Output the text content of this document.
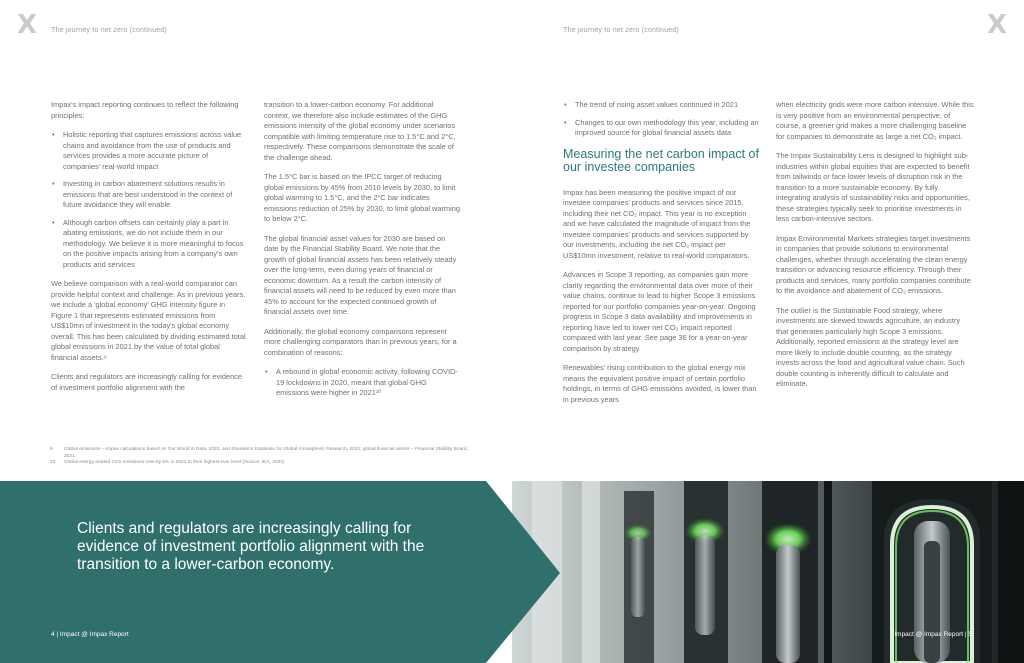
X The journey to net zero (continued)

Impax's impact reporting continues to reflect the following principles:

• Holistic reporting that captures emissions across value chains and avoidance from the use of products and services provides a more accurate picture of companies' real-world impact
• Investing in carbon abatement solutions results in emissions that are best understood in the context of future avoidance they will enable
• Although carbon offsets can certainly play a part in abating emissions, we do not include them in our methodology. We believe it is more meaningful to focus on the positive impacts arising from a company's own products and services

We believe comparison with a real-world comparator can provide helpful context and challenge. As in previous years, we include a 'global economy' GHG intensity figure in Figure 1 that represents estimated emissions from US$10mn of investment in the today's global economy overall. This has been calculated by dividing estimated total global emissions in 2021 by the value of total global financial assets.⁹

Clients and regulators are increasingly calling for evidence of investment portfolio alignment with the

transition to a lower-carbon economy. For additional context, we therefore also include estimates of the GHG emissions intensity of the global economy under scenarios compatible with limiting temperature rise to 1.5°C and 2°C, respectively. These comparisons demonstrate the scale of the challenge ahead.

The 1.5°C bar is based on the IPCC target of reducing global emissions by 45% from 2010 levels by 2030, to limit global warming to 1.5°C, and the 2°C bar indicates emissions reduction of 25% by 2030, to limit global warming to below 2°C.

The global financial asset values for 2030 are based on date by the Financial Stability Board. We note that the growth of global financial assets has been relatively steady over the long-term, even during years of financial or economic downturn. As a result the carbon intensity of financial assets will need to be reduced by even more than 45% to account for the expected continued growth of financial assets over time.

Additionally, the global economy comparisons represent more challenging comparators than in previous years, for a combination of reasons:

• A rebound in global economic activity, following COVID-19 lockdowns in 2020, meant that global GHG emissions were higher in 2021¹⁰
9	Global emissions – Impax calculations based on Our World in Data, 2020, and Emissions Database for Global Atmospheric Research, 2021; global financial assets – Financial Stability Board, 2021.
10	Global energy-related CO2 emissions rose by 6% in 2021 to their highest ever level (Source: IEA, 2022)
X
The journey to net zero (continued)
• The trend of rising asset values continued in 2021
• Changes to our own methodology this year, including an improved source for global financial assets data
Measuring the net carbon impact of our investee companies

Impax has been measuring the positive impact of our investee companies' products and services since 2015, including their net CO₂ impact. This year is no exception and we have calculated the magnitude of impact from the investee companies' products and services supported by our investments, including the net CO₂ impact per US$10mn investment, relative to real-world comparators.

Advances in Scope 3 reporting, as companies gain more clarity regarding the environmental data over more of their value chains, continue to lead to higher Scope 3 emissions reported for our portfolio companies year-on-year. Ongoing progress in Scope 3 data availability and improvements in reporting have led to lower net CO₂ impact reported compared with last year. See page 36 for a year-on-year comparison by strategy.

Renewables' rising contribution to the global energy mix means the equivalent positive impact of certain portfolio holdings, in terms of GHG emissions avoided, is lower than in previous years

when electricity grids were more carbon intensive. While this is very positive from an environmental perspective, of course, a greener grid makes a more challenging baseline for companies to demonstrate as large a net CO₂ impact.

The Impax Sustainability Lens is designed to highlight sub-industries within global equities that are expected to benefit from tailwinds or face lower levels of disruption risk in the transition to a more sustainable economy. By fully integrating analysis of sustainability risks and opportunities, these strategies typically seek to prioritise investments in less carbon-intensive sectors.

Impax Environmental Markets strategies target investments in companies that provide solutions to environmental challenges, whether through accelerating the clean energy transition or advancing resource efficiency. Through their products and services, many portfolio companies contribute to the avoidance and abatement of CO₂ emissions.

The outlier is the Sustainable Food strategy, where investments are skewed towards agriculture, an industry that generates particularly high Scope 3 emissions. Additionally, reported emissions at the strategy level are more likely to include double counting, as the strategy invests across the food and agricultural value chain. Such double counting is inherently difficult to calculate and eliminate.

Clients and regulators are increasingly calling for evidence of investment portfolio alignment with the transition to a lower-carbon economy.
4 | Impact @ Impax Report	Impact @ Impax Report | 5
